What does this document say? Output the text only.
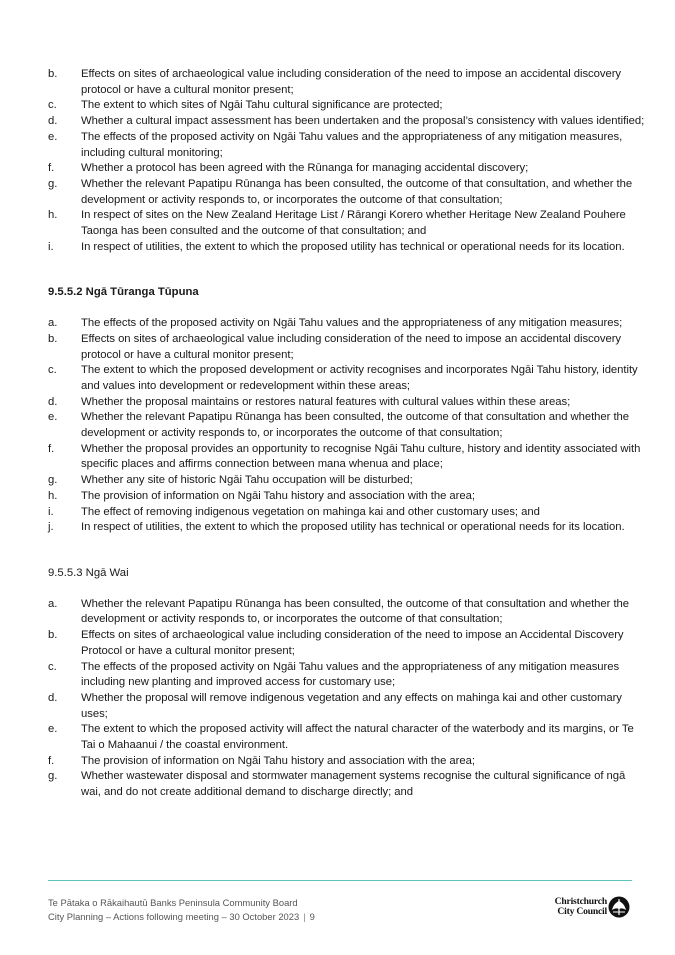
b. Effects on sites of archaeological value including consideration of the need to impose an accidental discovery protocol or have a cultural monitor present;
c. The extent to which sites of Ngāi Tahu cultural significance are protected;
d. Whether a cultural impact assessment has been undertaken and the proposal’s consistency with values identified;
e. The effects of the proposed activity on Ngāi Tahu values and the appropriateness of any mitigation measures, including cultural monitoring;
f. Whether a protocol has been agreed with the Rūnanga for managing accidental discovery;
g. Whether the relevant Papatipu Rūnanga has been consulted, the outcome of that consultation, and whether the development or activity responds to, or incorporates the outcome of that consultation;
h. In respect of sites on the New Zealand Heritage List / Rārangi Korero whether Heritage New Zealand Pouhere Taonga has been consulted and the outcome of that consultation; and
i. In respect of utilities, the extent to which the proposed utility has technical or operational needs for its location.
9.5.5.2 Ngā Tūranga Tūpuna
a. The effects of the proposed activity on Ngāi Tahu values and the appropriateness of any mitigation measures;
b. Effects on sites of archaeological value including consideration of the need to impose an accidental discovery protocol or have a cultural monitor present;
c. The extent to which the proposed development or activity recognises and incorporates Ngāi Tahu history, identity and values into development or redevelopment within these areas;
d. Whether the proposal maintains or restores natural features with cultural values within these areas;
e. Whether the relevant Papatipu Rūnanga has been consulted, the outcome of that consultation and whether the development or activity responds to, or incorporates the outcome of that consultation;
f. Whether the proposal provides an opportunity to recognise Ngāi Tahu culture, history and identity associated with specific places and affirms connection between mana whenua and place;
g. Whether any site of historic Ngāi Tahu occupation will be disturbed;
h. The provision of information on Ngāi Tahu history and association with the area;
i. The effect of removing indigenous vegetation on mahinga kai and other customary uses; and
j. In respect of utilities, the extent to which the proposed utility has technical or operational needs for its location.
9.5.5.3 Ngā Wai
a. Whether the relevant Papatipu Rūnanga has been consulted, the outcome of that consultation and whether the development or activity responds to, or incorporates the outcome of that consultation;
b. Effects on sites of archaeological value including consideration of the need to impose an Accidental Discovery Protocol or have a cultural monitor present;
c. The effects of the proposed activity on Ngāi Tahu values and the appropriateness of any mitigation measures including new planting and improved access for customary use;
d. Whether the proposal will remove indigenous vegetation and any effects on mahinga kai and other customary uses;
e. The extent to which the proposed activity will affect the natural character of the waterbody and its margins, or Te Tai o Mahaanui / the coastal environment.
f. The provision of information on Ngāi Tahu history and association with the area;
g. Whether wastewater disposal and stormwater management systems recognise the cultural significance of ngā wai, and do not create additional demand to discharge directly; and
Te Pātaka o Rākaihautū Banks Peninsula Community Board
City Planning – Actions following meeting – 30 October 2023 | 9
Christchurch
City Council
